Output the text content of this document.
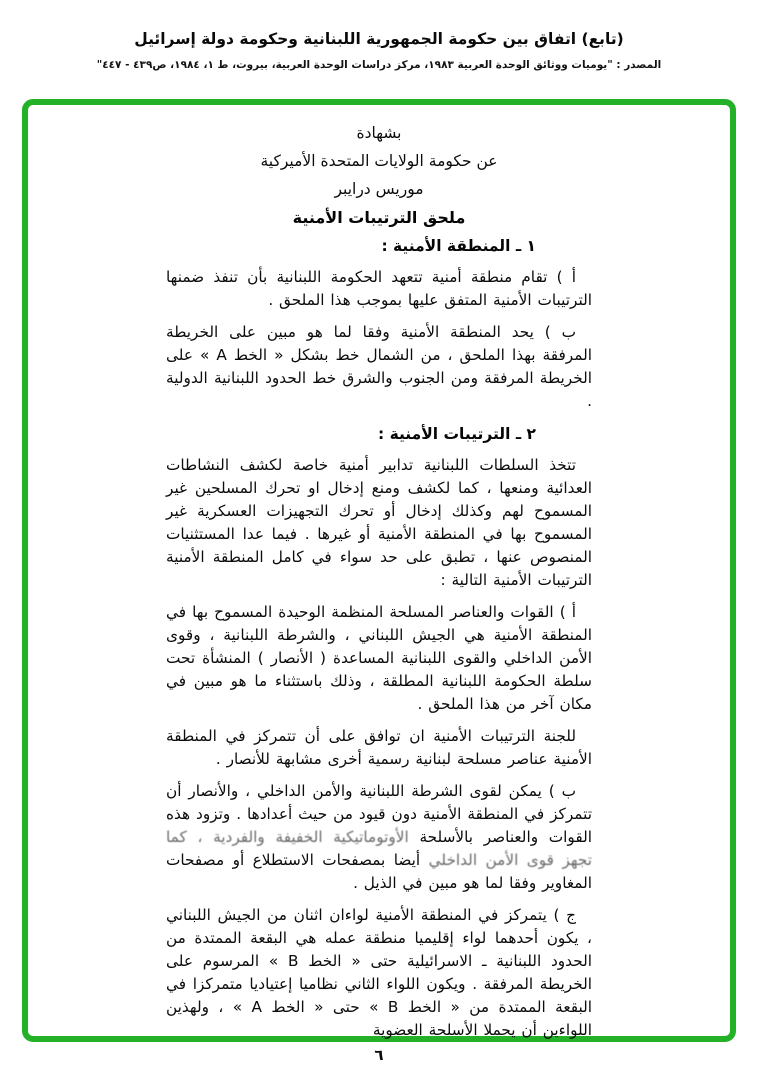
(تابع) اتفاق بين حكومة الجمهورية اللبنانية وحكومة دولة إسرائيل
المصدر : "يوميات ووثائق الوحدة العربية ١٩٨٣، مركز دراسات الوحدة العربية، بيروت، ط ١، ١٩٨٤، ص٤٣٩ - ٤٤٧"
بشهادة
عن حكومة الولايات المتحدة الأميركية
موريس درايبر
ملحق الترتيبات الأمنية
١ ـ المنطقة الأمنية :

أ ) تقام منطقة أمنية تتعهد الحكومة اللبنانية بأن تنفذ ضمنها الترتيبات الأمنية المتفق عليها بموجب هذا الملحق .

ب ) يحد المنطقة الأمنية وفقا لما هو مبين على الخريطة المرفقة بهذا الملحق ، من الشمال خط بشكل « الخط A » على الخريطة المرفقة ومن الجنوب والشرق خط الحدود اللبنانية الدولية .

٢ ـ الترتيبات الأمنية :

تتخذ السلطات اللبنانية تدابير أمنية خاصة لكشف النشاطات العدائية ومنعها ، كما لكشف ومنع إدخال او تحرك المسلحين غير المسموح لهم وكذلك إدخال أو تحرك التجهيزات العسكرية غير المسموح بها في المنطقة الأمنية أو غيرها . فيما عدا المستثنيات المنصوص عنها ، تطبق على حد سواء في كامل المنطقة الأمنية الترتيبات الأمنية التالية :

أ ) القوات والعناصر المسلحة المنظمة الوحيدة المسموح بها في المنطقة الأمنية هي الجيش اللبناني ، والشرطة اللبنانية ، وقوى الأمن الداخلي والقوى اللبنانية المساعدة ( الأنصار ) المنشأة تحت سلطة الحكومة اللبنانية المطلقة ، وذلك باستثناء ما هو مبين في مكان آخر من هذا الملحق .

للجنة الترتيبات الأمنية ان توافق على أن تتمركز في المنطقة الأمنية عناصر مسلحة لبنانية رسمية أخرى مشابهة للأنصار .

ب ) يمكن لقوى الشرطة اللبنانية والأمن الداخلي ، والأنصار أن تتمركز في المنطقة الأمنية دون قيود من حيث أعدادها . وتزود هذه القوات والعناصر بالأسلحة الأوتوماتيكية الخفيفة والفردية ، كما تجهز قوى الأمن الداخلي أيضا بمصفحات الاستطلاع أو مصفحات المغاوير وفقا لما هو مبين في الذيل .

ج ) يتمركز في المنطقة الأمنية لواءان اثنان من الجيش اللبناني ، يكون أحدهما لواء إقليميا منطقة عمله هي البقعة الممتدة من الحدود اللبنانية ـ الاسرائيلية حتى « الخط B » المرسوم على الخريطة المرفقة . ويكون اللواء الثاني نظاميا إعتياديا متمركزا في البقعة الممتدة من « الخط B » حتى « الخط A » ، ولهذين اللواءين أن يحملا الأسلحة العضوية

٦
